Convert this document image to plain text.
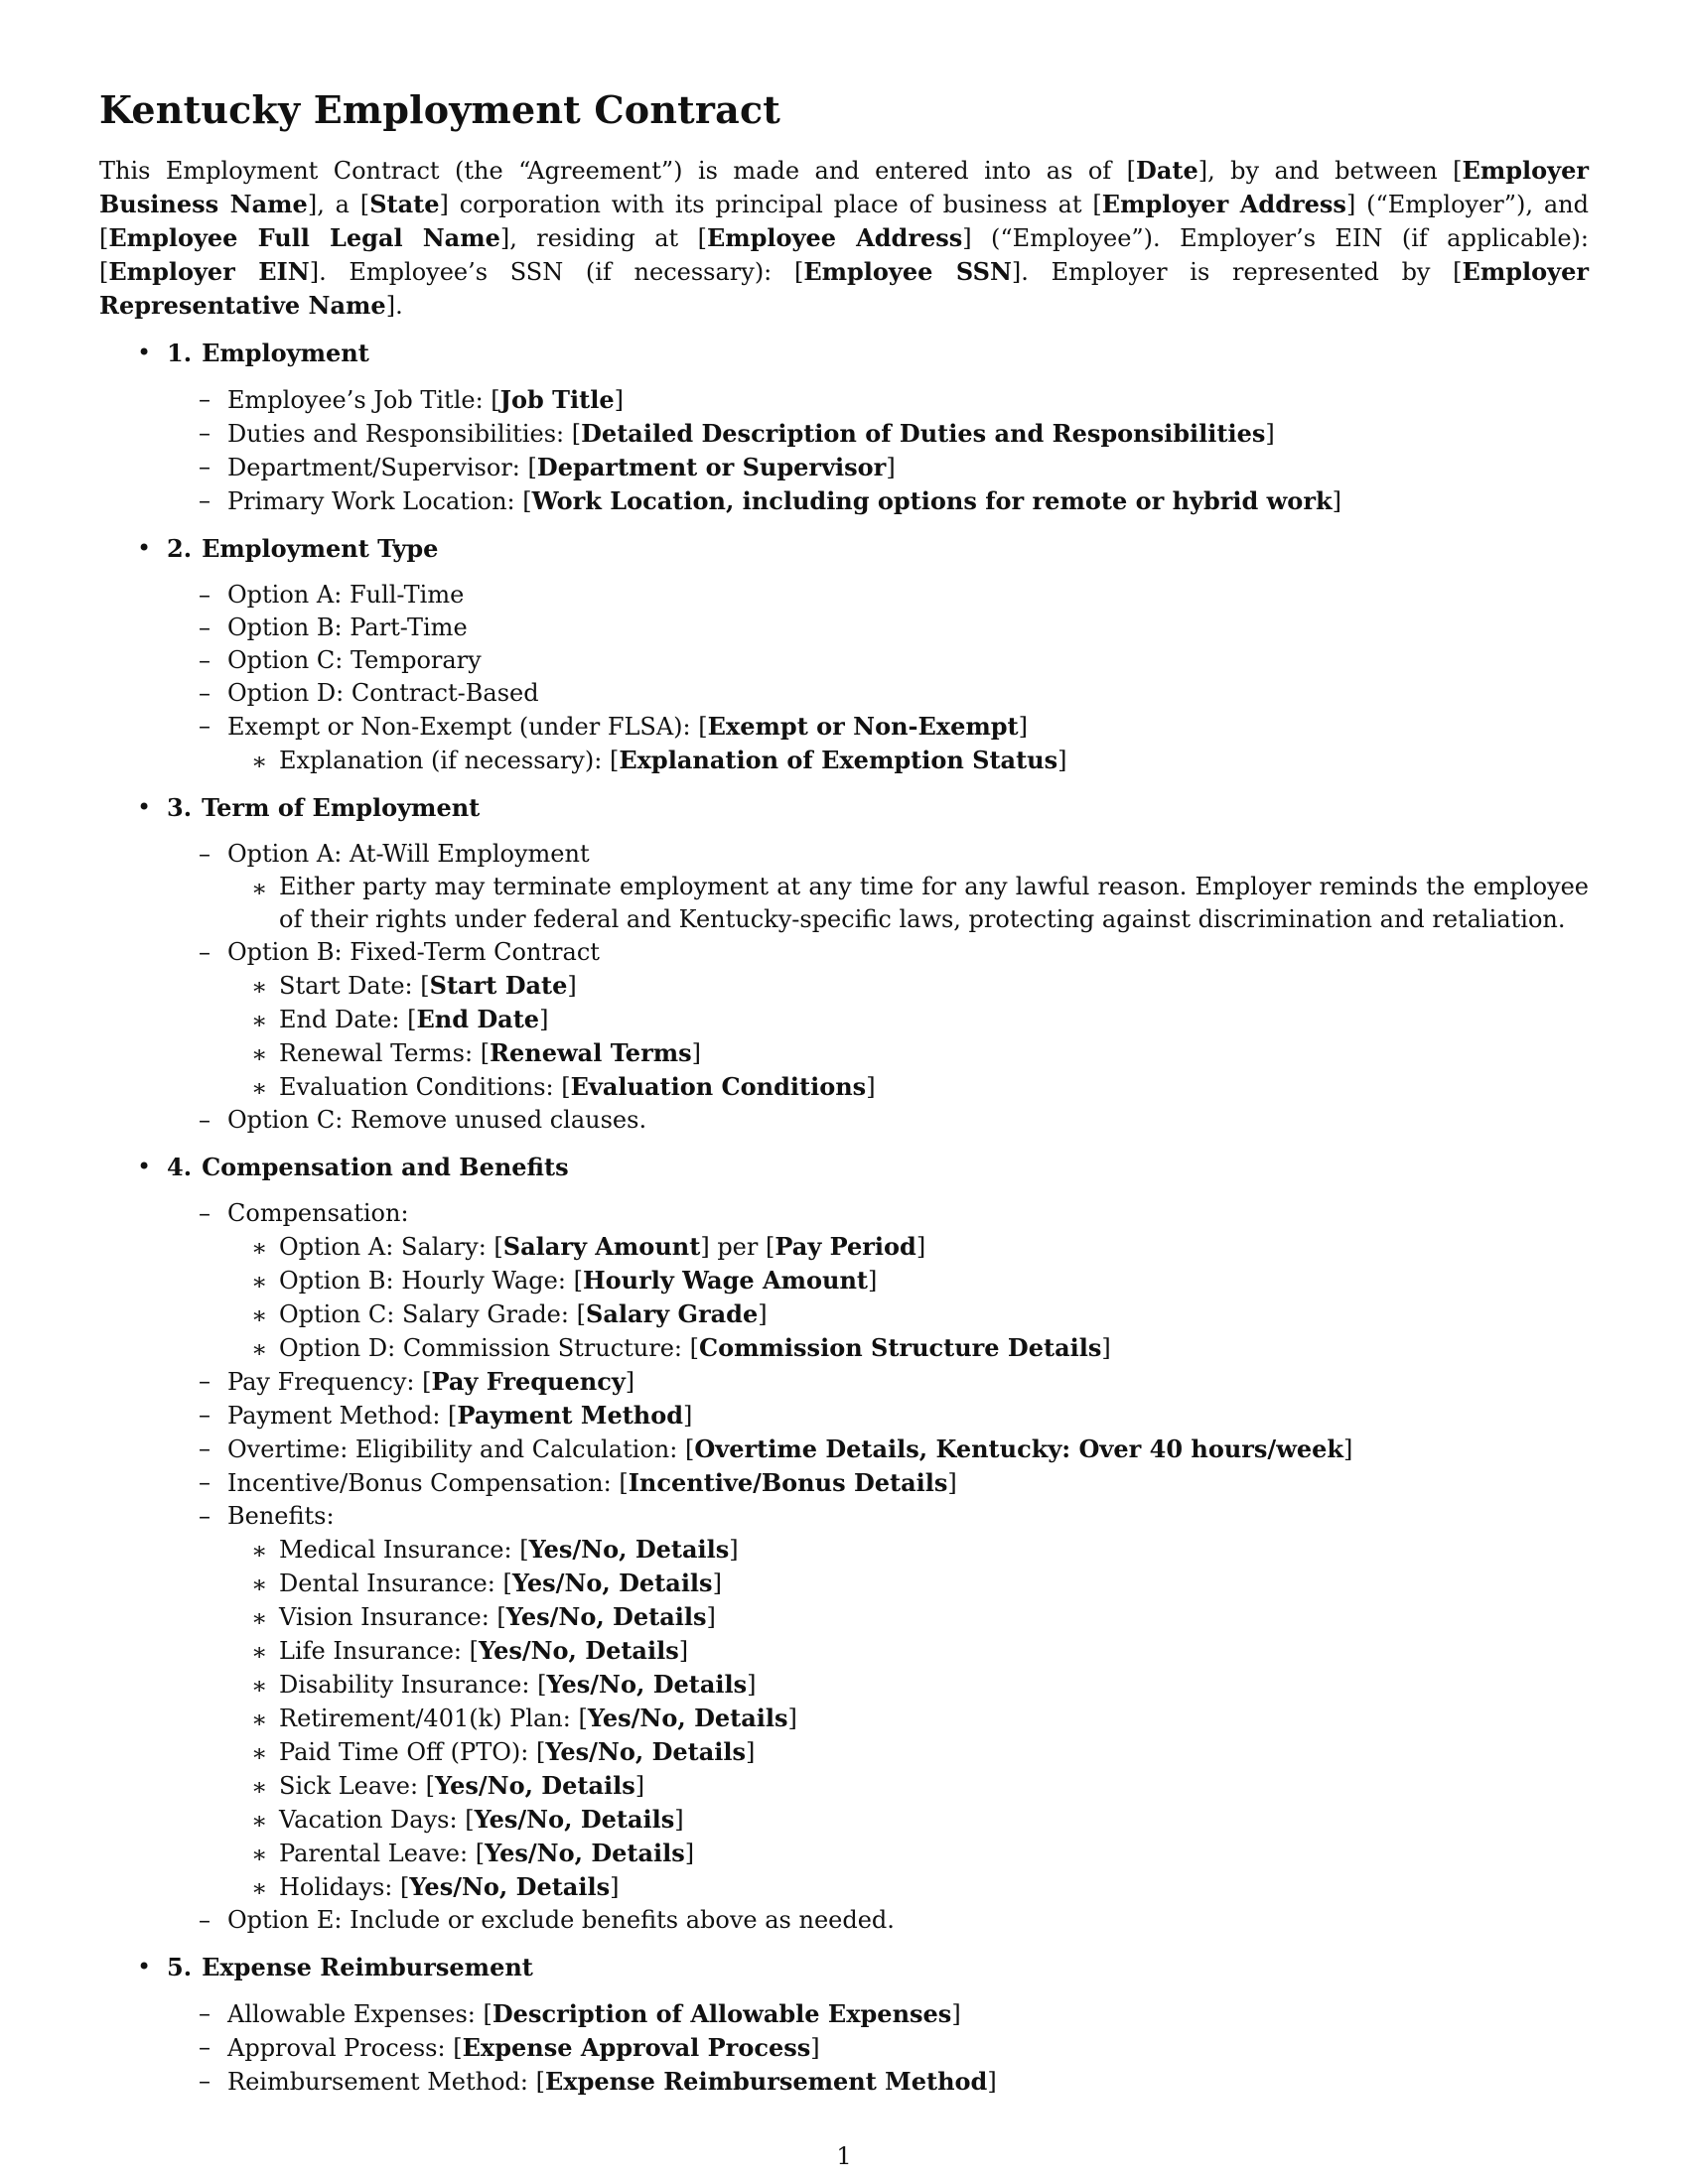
Kentucky Employment Contract

This Employment Contract (the “Agreement”) is made and entered into as of [Date], by and between [Employer Business Name], a [State] corporation with its principal place of business at [Employer Address] (“Employer”), and [Employee Full Legal Name], residing at [Employee Address] (“Employee”). Employer’s EIN (if applicable): [Employer EIN]. Employee’s SSN (if necessary): [Employee SSN]. Employer is represented by [Employer Representative Name].

• 1. Employment
– Employee’s Job Title: [Job Title]
– Duties and Responsibilities: [Detailed Description of Duties and Responsibilities]
– Department/Supervisor: [Department or Supervisor]
– Primary Work Location: [Work Location, including options for remote or hybrid work]
• 2. Employment Type
– Option A: Full-Time
– Option B: Part-Time
– Option C: Temporary
– Option D: Contract-Based
– Exempt or Non-Exempt (under FLSA): [Exempt or Non-Exempt]
∗ Explanation (if necessary): [Explanation of Exemption Status]
• 3. Term of Employment
– Option A: At-Will Employment
∗ Either party may terminate employment at any time for any lawful reason. Employer reminds the employee of their rights under federal and Kentucky-specific laws, protecting against discrimination and retaliation.
– Option B: Fixed-Term Contract
∗ Start Date: [Start Date]
∗ End Date: [End Date]
∗ Renewal Terms: [Renewal Terms]
∗ Evaluation Conditions: [Evaluation Conditions]
– Option C: Remove unused clauses.
• 4. Compensation and Benefits
– Compensation:
∗ Option A: Salary: [Salary Amount] per [Pay Period]
∗ Option B: Hourly Wage: [Hourly Wage Amount]
∗ Option C: Salary Grade: [Salary Grade]
∗ Option D: Commission Structure: [Commission Structure Details]
– Pay Frequency: [Pay Frequency]
– Payment Method: [Payment Method]
– Overtime: Eligibility and Calculation: [Overtime Details, Kentucky: Over 40 hours/week]
– Incentive/Bonus Compensation: [Incentive/Bonus Details]
– Benefits:
∗ Medical Insurance: [Yes/No, Details]
∗ Dental Insurance: [Yes/No, Details]
∗ Vision Insurance: [Yes/No, Details]
∗ Life Insurance: [Yes/No, Details]
∗ Disability Insurance: [Yes/No, Details]
∗ Retirement/401(k) Plan: [Yes/No, Details]
∗ Paid Time Off (PTO): [Yes/No, Details]
∗ Sick Leave: [Yes/No, Details]
∗ Vacation Days: [Yes/No, Details]
∗ Parental Leave: [Yes/No, Details]
∗ Holidays: [Yes/No, Details]
– Option E: Include or exclude benefits above as needed.
• 5. Expense Reimbursement
– Allowable Expenses: [Description of Allowable Expenses]
– Approval Process: [Expense Approval Process]
– Reimbursement Method: [Expense Reimbursement Method]
1
